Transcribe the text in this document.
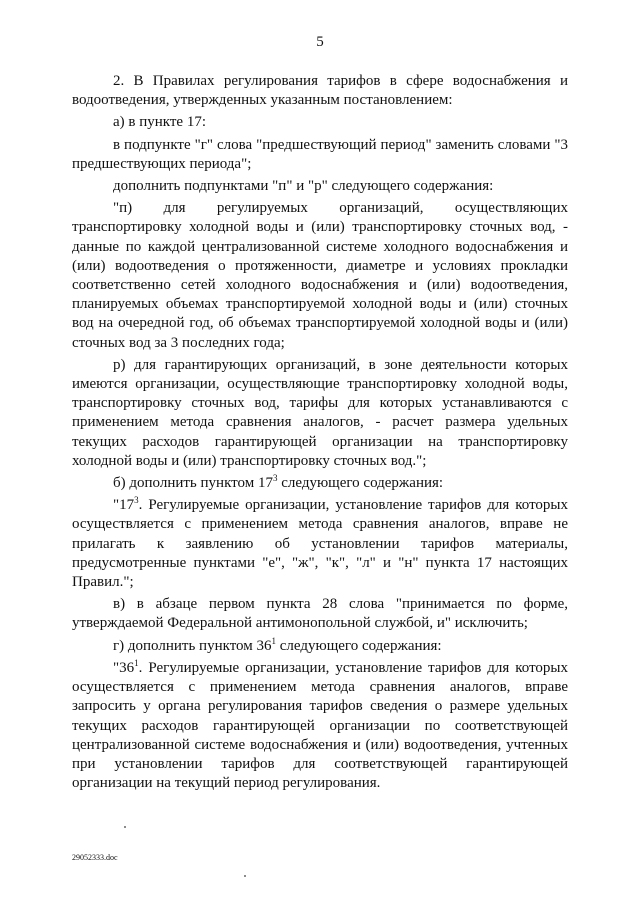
5

2. В Правилах регулирования тарифов в сфере водоснабжения и водоотведения, утвержденных указанным постановлением:

а) в пункте 17:

в подпункте "г" слова "предшествующий период" заменить словами "3 предшествующих периода";

дополнить подпунктами "п" и "р" следующего содержания:

"п) для регулируемых организаций, осуществляющих транспортировку холодной воды и (или) транспортировку сточных вод, - данные по каждой централизованной системе холодного водоснабжения и (или) водоотведения о протяженности, диаметре и условиях прокладки соответственно сетей холодного водоснабжения и (или) водоотведения, планируемых объемах транспортируемой холодной воды и (или) сточных вод на очередной год, об объемах транспортируемой холодной воды и (или) сточных вод за 3 последних года;

р) для гарантирующих организаций, в зоне деятельности которых имеются организации, осуществляющие транспортировку холодной воды, транспортировку сточных вод, тарифы для которых устанавливаются с применением метода сравнения аналогов, - расчет размера удельных текущих расходов гарантирующей организации на транспортировку холодной воды и (или) транспортировку сточных вод.";

б) дополнить пунктом $17^3$ следующего содержания:

"$17^3$. Регулируемые организации, установление тарифов для которых осуществляется с применением метода сравнения аналогов, вправе не прилагать к заявлению об установлении тарифов материалы, предусмотренные пунктами "е", "ж", "к", "л" и "н" пункта 17 настоящих Правил.";

в) в абзаце первом пункта 28 слова "принимается по форме, утверждаемой Федеральной антимонопольной службой, и" исключить;

г) дополнить пунктом $36^1$ следующего содержания:

"$36^1$. Регулируемые организации, установление тарифов для которых осуществляется с применением метода сравнения аналогов, вправе запросить у органа регулирования тарифов сведения о размере удельных текущих расходов гарантирующей организации по соответствующей централизованной системе водоснабжения и (или) водоотведения, учтенных при установлении тарифов для соответствующей гарантирующей организации на текущий период регулирования.

29052333.doc
